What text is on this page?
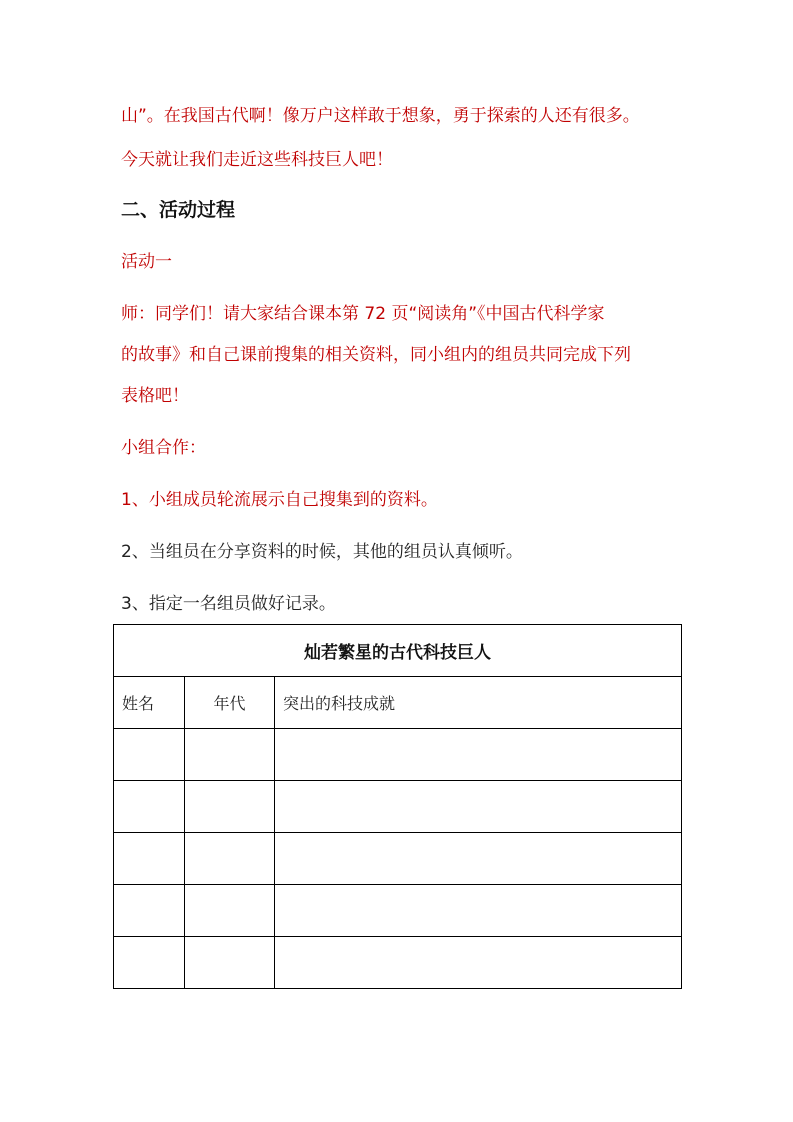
山”。在我国古代啊！像万户这样敢于想象，勇于探索的人还有很多。
今天就让我们走近这些科技巨人吧！
二、活动过程
活动一
师：同学们！请大家结合课本第 72 页“阅读角”《中国古代科学家
的故事》和自己课前搜集的相关资料，同小组内的组员共同完成下列
表格吧！
小组合作：
1、小组成员轮流展示自己搜集到的资料。
2、当组员在分享资料的时候，其他的组员认真倾听。
3、指定一名组员做好记录。
灿若繁星的古代科技巨人		
姓名	年代	突出的科技成就
